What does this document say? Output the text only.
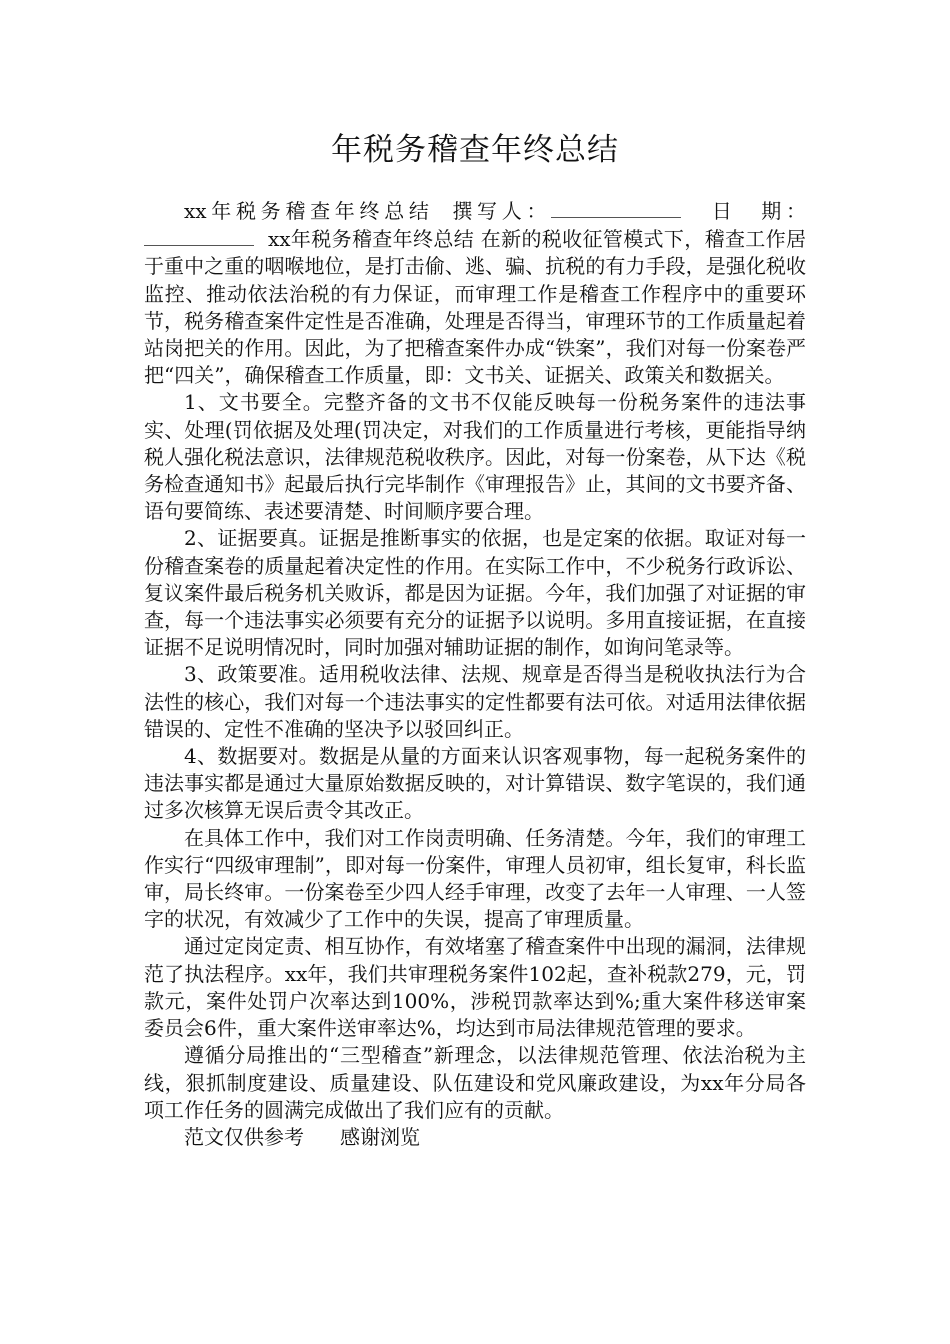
年税务稽查年终总结

xx年税务稽查年终总结 撰写人：	日　期：xx年税务稽查年终总结 在新的税收征管模式下，稽查工作居于重中之重的咽喉地位，是打击偷、逃、骗、抗税的有力手段，是强化税收监控、推动依法治税的有力保证，而审理工作是稽查工作程序中的重要环节，税务稽查案件定性是否准确，处理是否得当，审理环节的工作质量起着站岗把关的作用。因此，为了把稽查案件办成“铁案”，我们对每一份案卷严把“四关”，确保稽查工作质量，即：文书关、证据关、政策关和数据关。

1、文书要全。完整齐备的文书不仅能反映每一份税务案件的违法事实、处理(罚依据及处理(罚决定，对我们的工作质量进行考核，更能指导纳税人强化税法意识，法律规范税收秩序。因此，对每一份案卷，从下达《税务检查通知书》起最后执行完毕制作《审理报告》止，其间的文书要齐备、语句要简练、表述要清楚、时间顺序要合理。

2、证据要真。证据是推断事实的依据，也是定案的依据。取证对每一份稽查案卷的质量起着决定性的作用。在实际工作中，不少税务行政诉讼、复议案件最后税务机关败诉，都是因为证据。今年，我们加强了对证据的审查，每一个违法事实必须要有充分的证据予以说明。多用直接证据，在直接证据不足说明情况时，同时加强对辅助证据的制作，如询问笔录等。

3、政策要准。适用税收法律、法规、规章是否得当是税收执法行为合法性的核心，我们对每一个违法事实的定性都要有法可依。对适用法律依据错误的、定性不准确的坚决予以驳回纠正。

4、数据要对。数据是从量的方面来认识客观事物，每一起税务案件的违法事实都是通过大量原始数据反映的，对计算错误、数字笔误的，我们通过多次核算无误后责令其改正。

在具体工作中，我们对工作岗责明确、任务清楚。今年，我们的审理工作实行“四级审理制”，即对每一份案件，审理人员初审，组长复审，科长监审，局长终审。一份案卷至少四人经手审理，改变了去年一人审理、一人签字的状况，有效减少了工作中的失误，提高了审理质量。

通过定岗定责、相互协作，有效堵塞了稽查案件中出现的漏洞，法律规范了执法程序。xx年，我们共审理税务案件102起，查补税款279，元，罚款元，案件处罚户次率达到100%，涉税罚款率达到%;重大案件移送审案委员会6件，重大案件送审率达%，均达到市局法律规范管理的要求。

遵循分局推出的“三型稽查”新理念，以法律规范管理、依法治税为主线，狠抓制度建设、质量建设、队伍建设和党风廉政建设，为xx年分局各项工作任务的圆满完成做出了我们应有的贡献。

范文仅供参考 感谢浏览
